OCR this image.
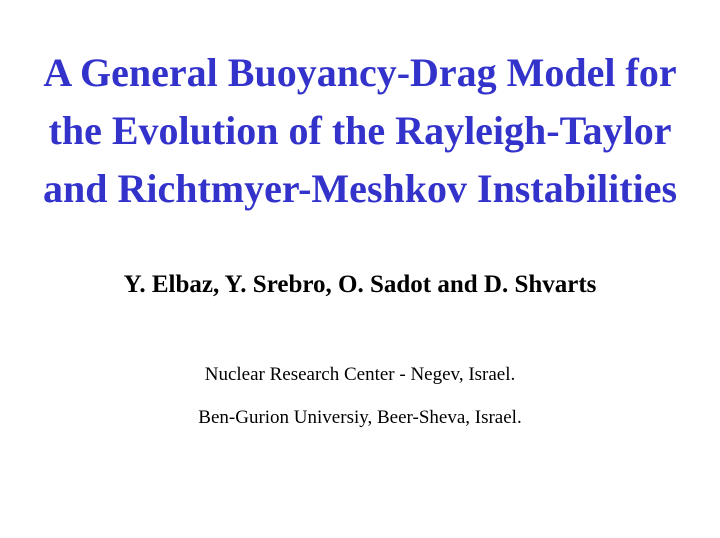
A General Buoyancy-Drag Model for
the Evolution of the Rayleigh-Taylor
and Richtmyer-Meshkov Instabilities
Y. Elbaz, Y. Srebro, O. Sadot and D. Shvarts
Nuclear Research Center - Negev, Israel.
Ben-Gurion Universiy, Beer-Sheva, Israel.
